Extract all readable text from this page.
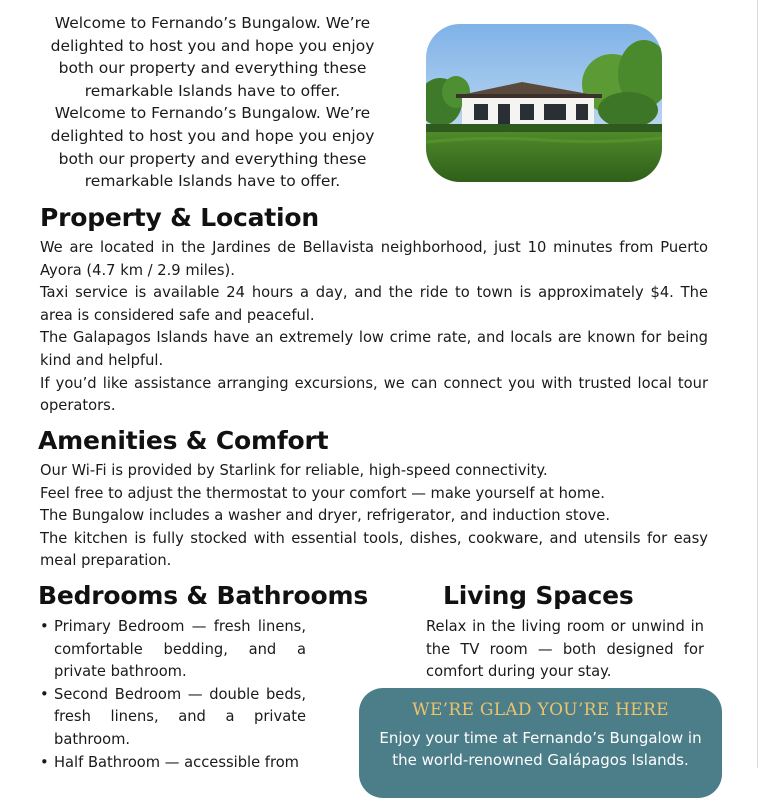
Welcome to Fernando’s Bungalow. We’re delighted to host you and hope you enjoy both our property and everything these remarkable Islands have to offer.

Welcome to Fernando’s Bungalow. We’re delighted to host you and hope you enjoy both our property and everything these remarkable Islands have to offer.

Property & Location

We are located in the Jardines de Bellavista neighborhood, just 10 minutes from Puerto Ayora (4.7 km / 2.9 miles).

Taxi service is available 24 hours a day, and the ride to town is approximately $4. The area is considered safe and peaceful.

The Galapagos Islands have an extremely low crime rate, and locals are known for being kind and helpful.

If you’d like assistance arranging excursions, we can connect you with trusted local tour operators.

Amenities & Comfort

Our Wi-Fi is provided by Starlink for reliable, high-speed connectivity.

Feel free to adjust the thermostat to your comfort — make yourself at home.

The Bungalow includes a washer and dryer, refrigerator, and induction stove.

The kitchen is fully stocked with essential tools, dishes, cookware, and utensils for easy meal preparation.

Bedrooms & Bathrooms
• Primary Bedroom — fresh linens, comfortable bedding, and a private bathroom.
• Second Bedroom — double beds, fresh linens, and a private bathroom.
• Half Bathroom — accessible from
Living Spaces
Relax in the living room or unwind in the TV room — both designed for comfort during your stay.
WE’RE GLAD YOU’RE HERE
Enjoy your time at Fernando’s Bungalow in the world-renowned Galápagos Islands.
